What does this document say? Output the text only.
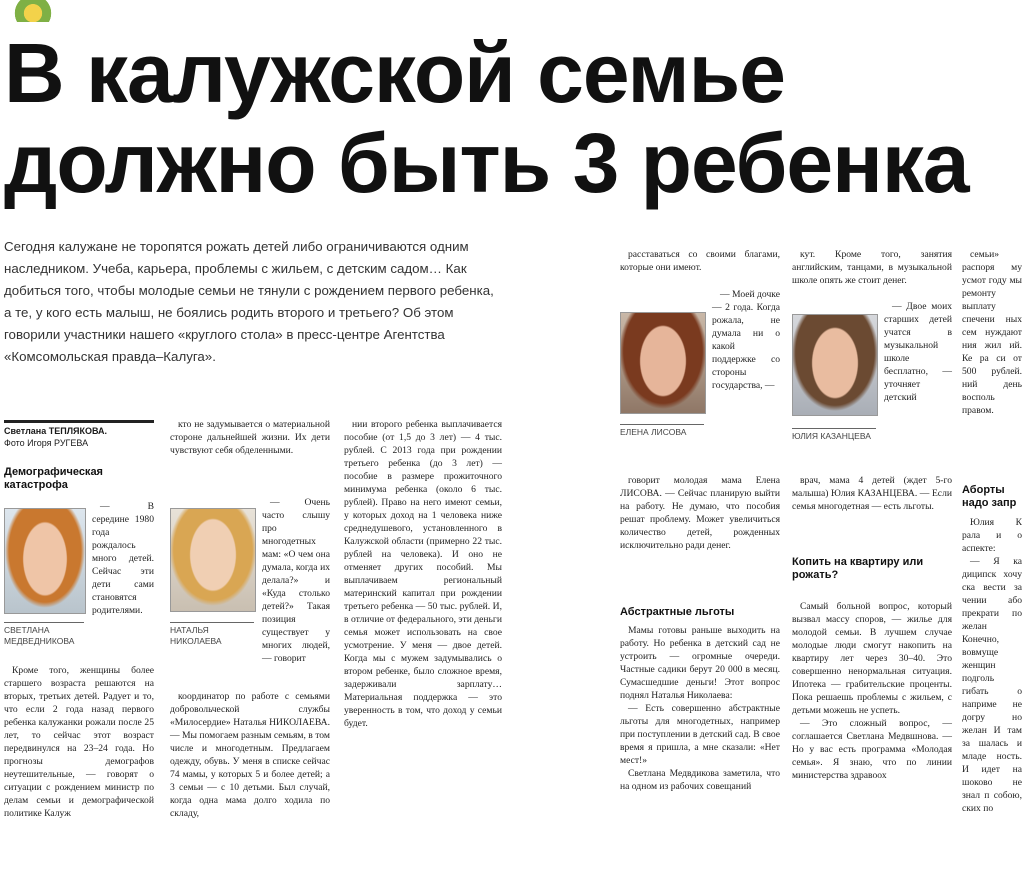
В калужской семье
должно быть 3 ребенка
Сегодня калужане не торопятся рожать детей либо ограничиваются одним наследником. Учеба, карьера, проблемы с жильем, с детским садом… Как добиться того, чтобы молодые семьи не тянули с рождением первого ребенка, а те, у кого есть малыш, не боялись родить второго и третьего? Об этом говорили участники нашего «круглого стола» в пресс-центре Агентства «Комсомольская правда–Калуга».
Светлана ТЕПЛЯКОВА.
Фото Игоря РУГЕВА
Демографическая катастрофа
СВЕТЛАНА МЕДВЕДНИКОВА

— В середине 1980 года рождалось много детей. Сейчас эти дети сами становятся родителями.

Кроме того, женщины более старшего возраста решаются на вторых, третьих детей. Радует и то, что если 2 года назад первого ребенка калужанки рожали после 25 лет, то сейчас этот возраст передвинулся на 23–24 года. Но прогнозы демографов неутешительные, — говорят о ситуации с рождением министр по делам семьи и демографической политике Калуж

кто не задумывается о материальной стороне дальнейшей жизни. Их дети чувствуют себя обделенными.

НАТАЛЬЯ НИКОЛАЕВА

— Очень часто слышу про многодетных мам: «О чем она думала, когда их делала?» и «Куда столько детей?» Такая позиция существует у многих людей, — говорит

координатор по работе с семьями добровольческой службы «Милосердие» Наталья НИКОЛАЕВА. — Мы помогаем разным семьям, в том числе и многодетным. Предлагаем одежду, обувь. У меня в списке сейчас 74 мамы, у которых 5 и более детей; а 3 семьи — с 10 детьми. Был случай, когда одна мама долго ходила по складу,

нии второго ребенка выплачивается пособие (от 1,5 до 3 лет) — 4 тыс. рублей. С 2013 года при рождении третьего ребенка (до 3 лет) — пособие в размере прожиточного минимума ребенка (около 6 тыс. рублей). Право на него имеют семьи, у которых доход на 1 человека ниже среднедушевого, установленного в Калужской области (примерно 22 тыс. рублей на человека). И оно не отменяет других пособий. Мы выплачиваем региональный материнский капитал при рождении третьего ребенка — 50 тыс. рублей. И, в отличие от федерального, эти деньги семья может использовать на свое усмотрение. У меня — двое детей. Когда мы с мужем задумывались о втором ребенке, было сложное время, задерживали зарплату… Материальная поддержка — это уверенность в том, что доход у семьи будет.

расставаться со своими благами, которые они имеют.

ЕЛЕНА ЛИСОВА

— Моей дочке — 2 года. Когда рожала, не думала ни о какой поддержке со стороны государства, —

говорит молодая мама Елена ЛИСОВА. — Сейчас планирую выйти на работу. Не думаю, что пособия решат проблему. Может увеличиться количество детей, рожденных исключительно ради денег.

Абстрактные льготы

Мамы готовы раньше выходить на работу. Но ребенка в детский сад не устроить — огромные очереди. Частные садики берут 20 000 в месяц. Сумасшедшие деньги! Этот вопрос поднял Наталья Николаева:

— Есть совершенно абстрактные льготы для многодетных, например при поступлении в детский сад. В свое время я пришла, а мне сказали: «Нет мест!»

Светлана Медвдикова заметила, что на одном из рабочих совещаний

кут. Кроме того, занятия английским, танцами, в музыкальной школе опять же стоит денег.

ЮЛИЯ КАЗАНЦЕВА

— Двое моих старших детей учатся в музыкальной школе бесплатно, — уточняет детский

врач, мама 4 детей (ждет 5-го малыша) Юлия КАЗАНЦЕВА. — Если семья многодетная — есть льготы.

Копить на квартиру или рожать?

Самый больной вопрос, который вызвал массу споров, — жилье для молодой семьи. В лучшем случае молодые люди смогут накопить на квартиру лет через 30–40. Это совершенно ненормальная ситуация. Ипотека — грабительские проценты. Пока решаешь проблемы с жильем, с детьми можешь не успеть.

— Это сложный вопрос, — соглашается Светлана Медвшнова. — Но у вас есть программа «Молодая семья». Я знаю, что по линии министерства здравоох

семьи» распоря му усмот году мы ремонту выплату спечени ных сем нуждают ния жил ий. Ке ра си от 500 рублей. ний день восполь правом.

Аборты надо запр

Юлия К рала и о аспекте:

— Я ка диципск хочу ска вести за чении або прекрати по желан Конечно, вовмуще женщин подголь гибать о наприме не догру но желан И там за шалась и младе ность. И идет на шоково не знал п собою, ских по
